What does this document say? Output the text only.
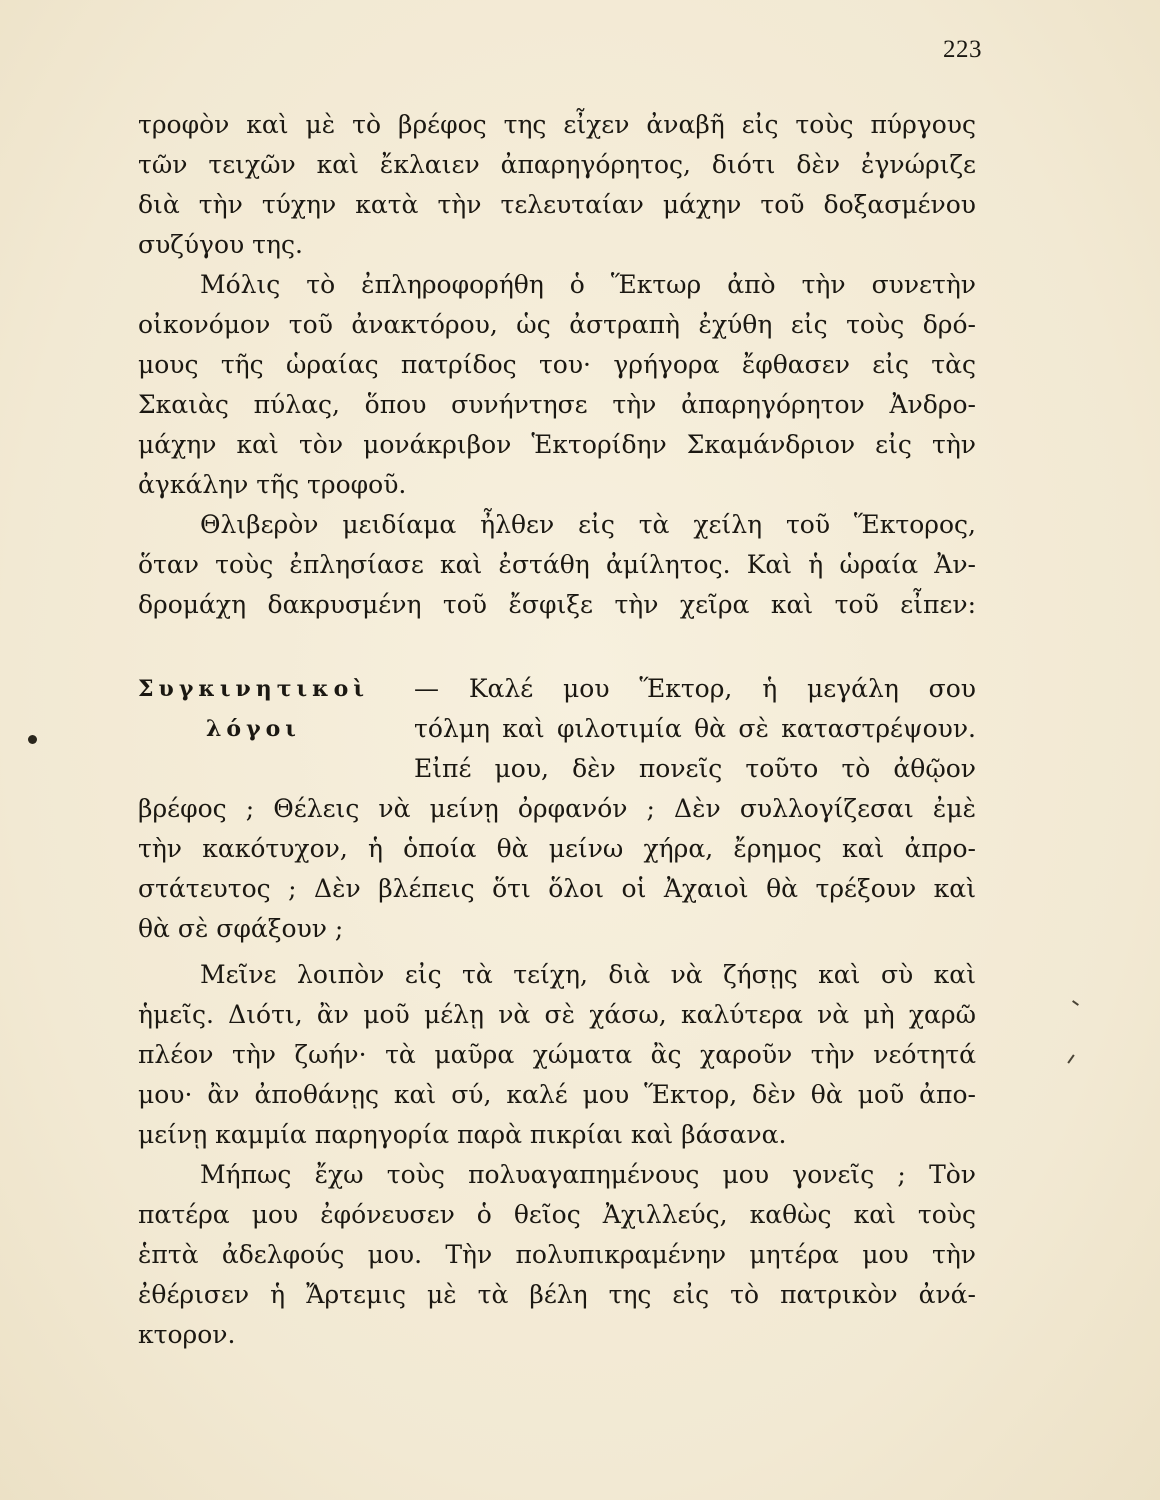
223
τροφὸν καὶ μὲ τὸ βρέφος της εἶχεν ἀναβῆ εἰς τοὺς πύργους
τῶν τειχῶν καὶ ἔκλαιεν ἀπαρηγόρητος, διότι δὲν ἐγνώριζε
διὰ τὴν τύχην κατὰ τὴν τελευταίαν μάχην τοῦ δοξασμένου
συζύγου της.
Μόλις τὸ ἐπληροφορήθη ὁ Ἕκτωρ ἀπὸ τὴν συνετὴν
οἰκονόμον τοῦ ἀνακτόρου, ὡς ἀστραπὴ ἐχύθη εἰς τοὺς δρό-
μους τῆς ὡραίας πατρίδος του· γρήγορα ἔφθασεν εἰς τὰς
Σκαιὰς πύλας, ὅπου συνήντησε τὴν ἀπαρηγόρητον Ἀνδρο-
μάχην καὶ τὸν μονάκριβον Ἑκτορίδην Σκαμάνδριον εἰς τὴν
ἀγκάλην τῆς τροφοῦ.
Θλιβερὸν μειδίαμα ἦλθεν εἰς τὰ χείλη τοῦ Ἕκτορος,
ὅταν τοὺς ἐπλησίασε καὶ ἐστάθη ἀμίλητος. Καὶ ἡ ὡραία Ἀν-
δρομάχη δακρυσμένη τοῦ ἔσφιξε τὴν χεῖρα καὶ τοῦ εἶπεν:
Συγκινητικοὶ
λόγοι
— Καλέ μου Ἕκτορ, ἡ μεγάλη σου
τόλμη καὶ φιλοτιμία θὰ σὲ καταστρέψουν.
Εἰπέ μου, δὲν πονεῖς τοῦτο τὸ ἀθῷον
βρέφος ; Θέλεις νὰ μείνῃ ὀρφανόν ; Δὲν συλλογίζεσαι ἐμὲ
τὴν κακότυχον, ἡ ὁποία θὰ μείνω χήρα, ἔρημος καὶ ἀπρο-
στάτευτος ; Δὲν βλέπεις ὅτι ὅλοι οἱ Ἀχαιοὶ θὰ τρέξουν καὶ
θὰ σὲ σφάξουν ;
Μεῖνε λοιπὸν εἰς τὰ τείχη, διὰ νὰ ζήσῃς καὶ σὺ καὶ
ἡμεῖς. Διότι, ἂν μοῦ μέλῃ νὰ σὲ χάσω, καλύτερα νὰ μὴ χαρῶ
πλέον τὴν ζωήν· τὰ μαῦρα χώματα ἂς χαροῦν τὴν νεότητά
μου· ἂν ἀποθάνῃς καὶ σύ, καλέ μου Ἕκτορ, δὲν θὰ μοῦ ἀπο-
μείνῃ καμμία παρηγορία παρὰ πικρίαι καὶ βάσανα.
Μήπως ἔχω τοὺς πολυαγαπημένους μου γονεῖς ; Τὸν
πατέρα μου ἐφόνευσεν ὁ θεῖος Ἀχιλλεύς, καθὼς καὶ τοὺς
ἑπτὰ ἀδελφούς μου. Τὴν πολυπικραμένην μητέρα μου τὴν
ἐθέρισεν ἡ Ἄρτεμις μὲ τὰ βέλη της εἰς τὸ πατρικὸν ἀνά-
κτορον.
